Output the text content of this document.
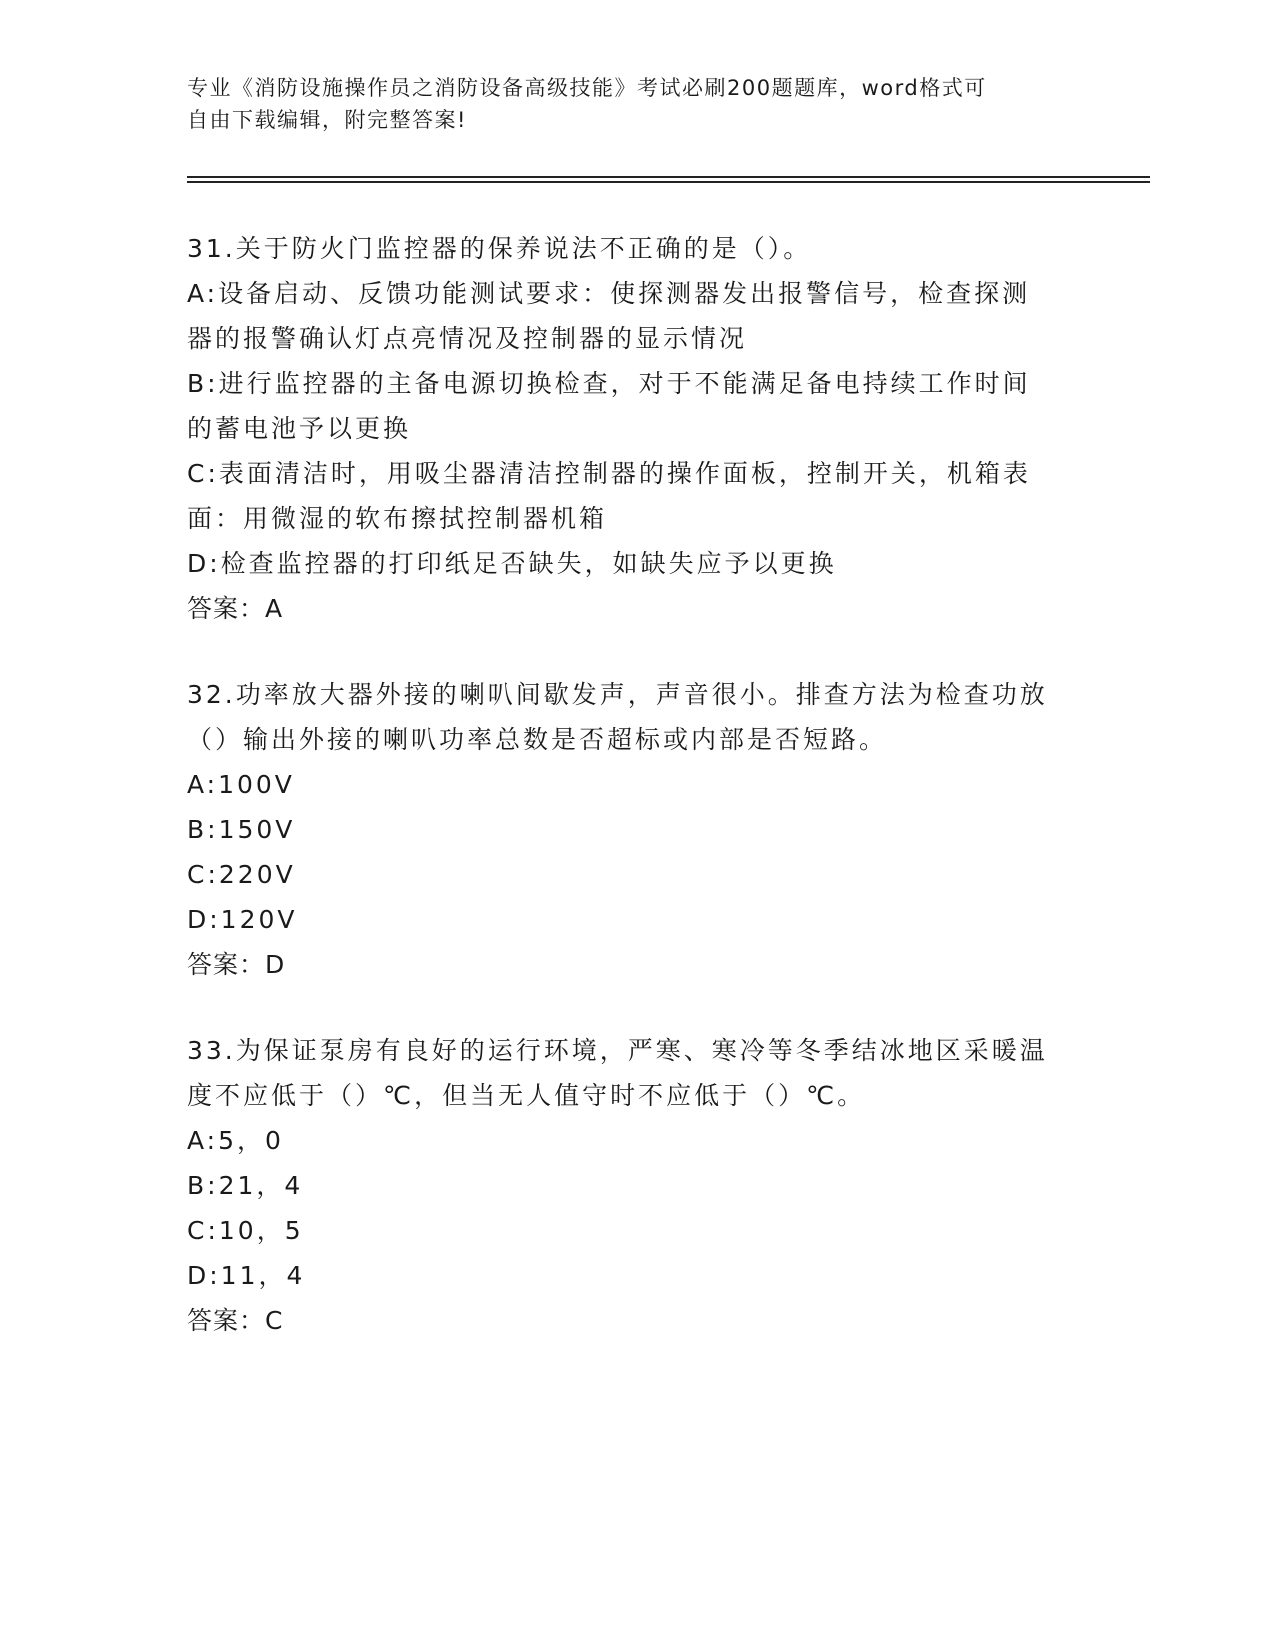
专业《消防设施操作员之消防设备高级技能》考试必刷200题题库，word格式可
自由下载编辑，附完整答案!
31.关于防火门监控器的保养说法不正确的是（）。
A:设备启动、反馈功能测试要求：使探测器发出报警信号，检查探测
器的报警确认灯点亮情况及控制器的显示情况
B:进行监控器的主备电源切换检查，对于不能满足备电持续工作时间
的蓄电池予以更换
C:表面清洁时，用吸尘器清洁控制器的操作面板，控制开关，机箱表
面：用微湿的软布擦拭控制器机箱
D:检查监控器的打印纸足否缺失，如缺失应予以更换
答案：A
32.功率放大器外接的喇叭间歇发声，声音很小。排查方法为检查功放
（）输出外接的喇叭功率总数是否超标或内部是否短路。
A:100V
B:150V
C:220V
D:120V
答案：D
33.为保证泵房有良好的运行环境，严寒、寒冷等冬季结冰地区采暖温
度不应低于（）℃，但当无人值守时不应低于（）℃。
A:5，0
B:21，4
C:10，5
D:11，4
答案：C
